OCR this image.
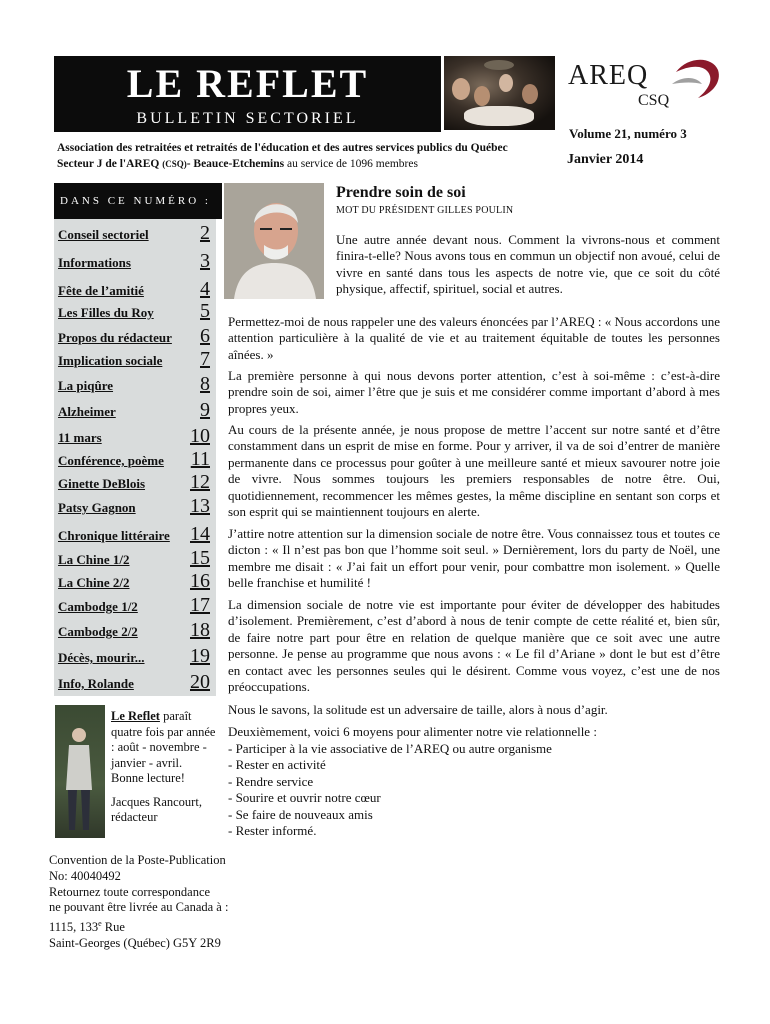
LE REFLET
BULLETIN SECTORIEL
AREQ
CSQ
Association des retraitées et retraités de l'éducation et des autres services publics du Québec
Secteur J de l'AREQ (CSQ)- Beauce-Etchemins au service de 1096 membres
Volume 21, numéro 3
Janvier 2014
DANS CE NUMÉRO :
Conseil sectoriel	2
Informations	3
Fête de l’amitié	4
Les Filles du Roy 5
Propos du rédacteur 6
Implication sociale 7
La piqûre	8
Alzheimer	9
11 mars	10
Conférence, poème 11
Ginette DeBlois 12
Patsy Gagnon	13
Chronique littéraire 14
La Chine 1/2	15
La Chine 2/2	16
Cambodge 1/2	17
Cambodge 2/2	18
Décès, mourir... 19
Info, Rolande	20
Le Reflet paraît quatre fois par année : août - novembre - janvier - avril.
Bonne lecture!
Jacques Rancourt, rédacteur
Convention de la Poste-Publication
No: 40040492
Retournez toute correspondance
ne pouvant être livrée au Canada à :
1115, 133e Rue
Saint-Georges (Québec) G5Y 2R9
Prendre soin de soi
MOT DU PRÉSIDENT GILLES POULIN
Une autre année devant nous. Comment la vivrons-nous et comment finira-t-elle? Nous avons tous en commun un objectif non avoué, celui de vivre en santé dans tous les aspects de notre vie, que ce soit du côté physique, affectif, spirituel, social et autres.
Permettez-moi de nous rappeler une des valeurs énoncées par l’AREQ : « Nous accordons une attention particulière à la qualité de vie et au traitement équitable de toutes les personnes aînées. »
La première personne à qui nous devons porter attention, c’est à soi-même : c’est-à-dire prendre soin de soi, aimer l’être que je suis et me considérer comme important d’abord à mes propres yeux.
Au cours de la présente année, je nous propose de mettre l’accent sur notre santé et d’être constamment dans un esprit de mise en forme. Pour y arriver, il va de soi d’entrer de manière permanente dans ce processus pour goûter à une meilleure santé et mieux savourer notre joie de vivre. Nous sommes toujours les premiers responsables de notre être. Oui, quotidiennement, recommencer les mêmes gestes, la même discipline en sentant son corps et son esprit qui se maintiennent toujours en alerte.
J’attire notre attention sur la dimension sociale de notre être. Vous connaissez tous et toutes ce dicton : « Il n’est pas bon que l’homme soit seul. » Dernièrement, lors du party de Noël, une membre me disait : « J’ai fait un effort pour venir, pour combattre mon isolement. » Quelle belle franchise et humilité !
La dimension sociale de notre vie est importante pour éviter de développer des habitudes d’isolement. Premièrement, c’est d’abord à nous de tenir compte de cette réalité et, bien sûr, de faire notre part pour être en relation de quelque manière que ce soit avec une autre personne. Je pense au programme que nous avons : « Le fil d’Ariane » dont le but est d’être en contact avec les personnes seules qui le désirent. Comme vous voyez, c’est une de nos préoccupations.
Nous le savons, la solitude est un adversaire de taille, alors à nous d’agir.
Deuxièmement, voici 6 moyens pour alimenter notre vie relationnelle :
- Participer à la vie associative de l’AREQ ou autre organisme
- Rester en activité
- Rendre service
- Sourire et ouvrir notre cœur
- Se faire de nouveaux amis
- Rester informé.
